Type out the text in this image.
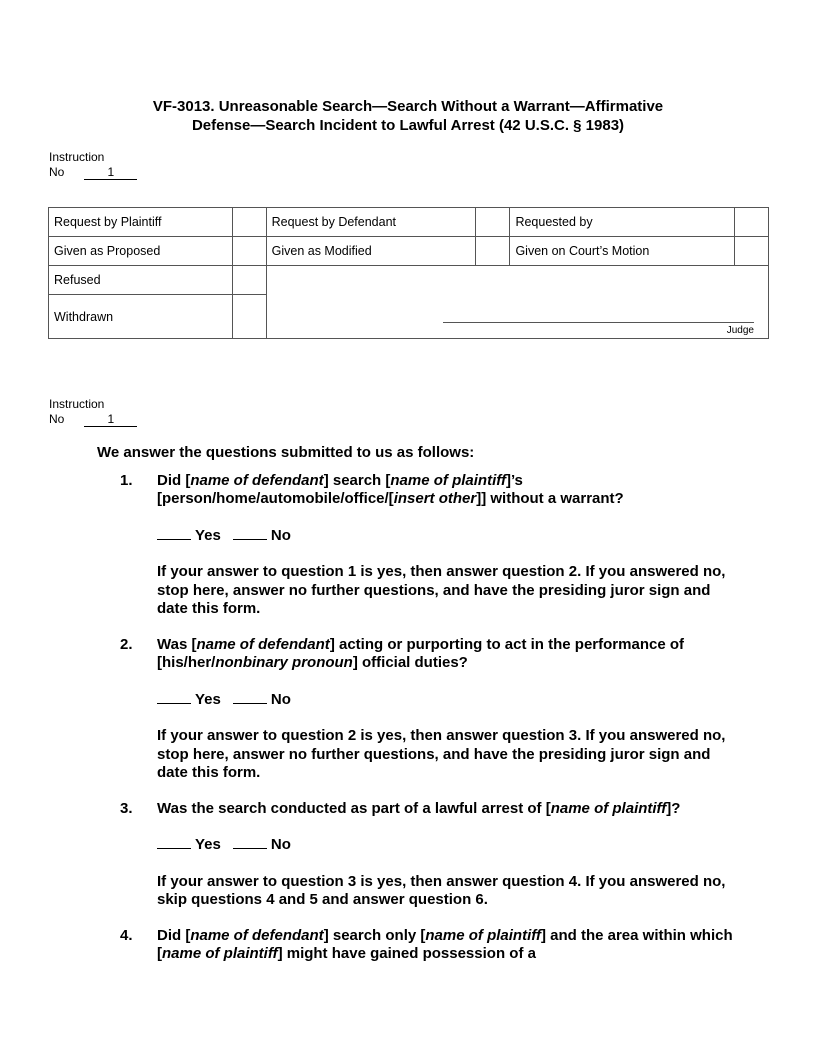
VF-3013. Unreasonable Search—Search Without a Warrant—Affirmative
Defense—Search Incident to Lawful Arrest (42 U.S.C. § 1983)
Instruction
No	1
Request by Plaintiff		Request by Defendant		Requested by	
Given as Proposed		Given as Modified		Given on Court’s Motion	
Refused		Judge			

Withdrawn					
Instruction
No	1
We answer the questions submitted to us as follows:
1. Did [name of defendant] search [name of plaintiff]’s [person/home/automobile/office/[insert other]] without a warrant?
Yes	No
If your answer to question 1 is yes, then answer question 2. If you answered no, stop here, answer no further questions, and have the presiding juror sign and date this form.
2. Was [name of defendant] acting or purporting to act in the performance of [his/her/nonbinary pronoun] official duties?
Yes	No
If your answer to question 2 is yes, then answer question 3. If you answered no, stop here, answer no further questions, and have the presiding juror sign and date this form.
3. Was the search conducted as part of a lawful arrest of [name of plaintiff]?
Yes	No
If your answer to question 3 is yes, then answer question 4. If you answered no, skip questions 4 and 5 and answer question 6.
4. Did [name of defendant] search only [name of plaintiff] and the area within which [name of plaintiff] might have gained possession of a
